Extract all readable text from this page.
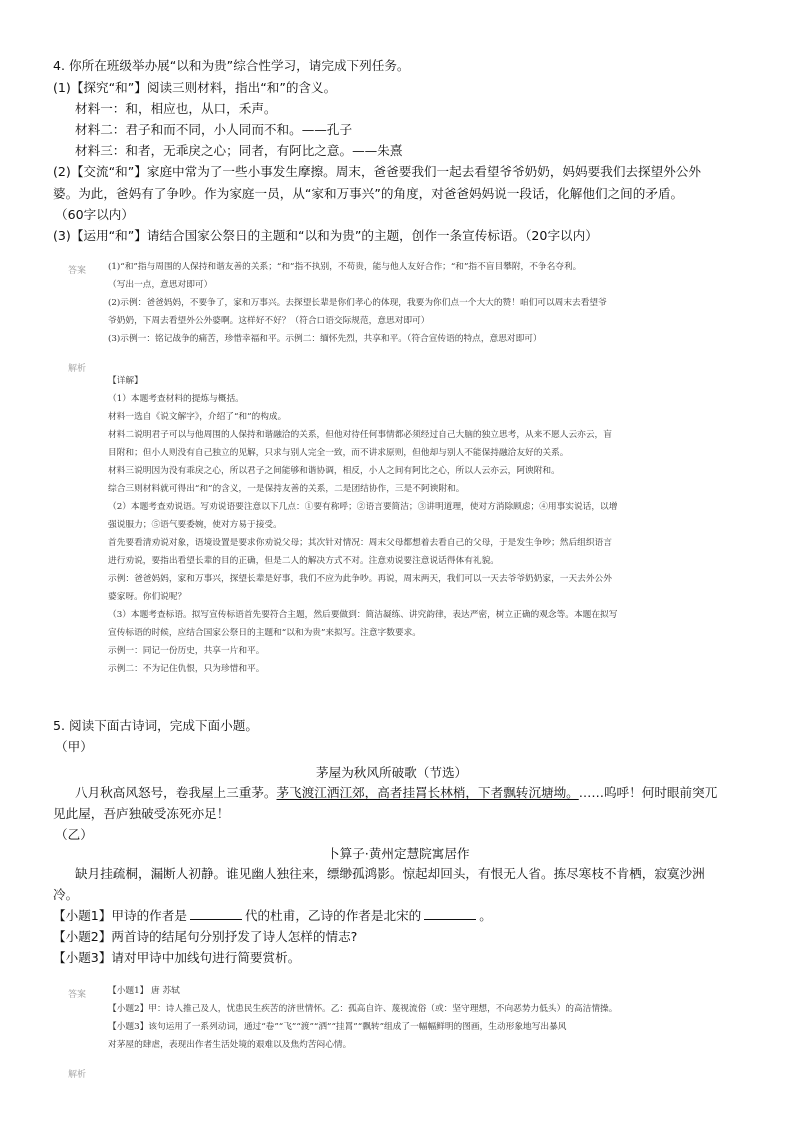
4. 你所在班级举办展“以和为贵”综合性学习，请完成下列任务。
(1)【探究“和”】阅读三则材料，指出“和”的含义。
材料一：和，相应也，从口，禾声。
材料二：君子和而不同，小人同而不和。——孔子
材料三：和者，无乖戾之心；同者，有阿比之意。——朱熹
(2)【交流“和”】家庭中常为了一些小事发生摩擦。周末，爸爸要我们一起去看望爷爷奶奶，妈妈要我们去探望外公外
婆。为此，爸妈有了争吵。作为家庭一员，从“家和万事兴”的角度，对爸爸妈妈说一段话，化解他们之间的矛盾。
（60字以内）
(3)【运用“和”】请结合国家公祭日的主题和“以和为贵”的主题，创作一条宣传标语。（20字以内）
答案	(1)“和”指与周围的人保持和谐友善的关系；“和”指不执别，不苟贵，能与他人友好合作；“和”指不盲目攀附，不争名夺利。
（写出一点，意思对即可）
(2)示例：爸爸妈妈，不要争了，家和万事兴。去探望长辈是你们孝心的体现，我要为你们点一个大大的赞！咱们可以周末去看望爷
爷奶奶，下周去看望外公外婆啊。这样好不好？（符合口语交际规范，意思对即可）
(3)示例一：铭记战争的痛苦，珍惜幸福和平。示例二：缅怀先烈，共享和平。（符合宣传语的特点，意思对即可）
解析
【详解】
（1）本题考查材料的提炼与概括。
材料一选自《说文解字》，介绍了“和”的构成。
材料二说明君子可以与他周围的人保持和谐融洽的关系，但他对待任何事情都必须经过自己大脑的独立思考，从来不愿人云亦云，盲
目附和；但小人则没有自己独立的见解，只求与别人完全一致，而不讲求原则，但他却与别人不能保持融洽友好的关系。
材料三说明因为没有乖戾之心，所以君子之间能够和谐协调，相反，小人之间有阿比之心，所以人云亦云，阿谀附和。
综合三则材料就可得出“和”的含义，一是保持友善的关系，二是团结协作，三是不阿谀附和。
（2）本题考查劝说语。写劝说语要注意以下几点：①要有称呼；②语言要简洁；③讲明道理，使对方消除顾虑；④用事实说话，以增
强说服力；⑤语气要委婉，使对方易于接受。
首先要看清劝说对象，语境设置是要求你劝说父母；其次针对情况：周末父母都想着去看自己的父母，于是发生争吵；然后组织语言
进行劝说，要指出看望长辈的目的正确，但是二人的解决方式不对。注意劝说要注意说话得体有礼貌。
示例：爸爸妈妈，家和万事兴，探望长辈是好事，我们不应为此争吵。再说，周末两天，我们可以一天去爷爷奶奶家，一天去外公外
婆家呀。你们说呢？
（3）本题考查标语。拟写宣传标语首先要符合主题，然后要做到：简洁凝练、讲究韵律，表达严密，树立正确的观念等。本题在拟写
宣传标语的时候，应结合国家公祭日的主题和“以和为贵”来拟写。注意字数要求。
示例一：同记一份历史，共享一片和平。
示例二：不为记住仇恨，只为珍惜和平。
5. 阅读下面古诗词，完成下面小题。
（甲）
茅屋为秋风所破歌（节选）
八月秋高风怒号，卷我屋上三重茅。茅飞渡江洒江郊，高者挂罥长林梢，下者飘转沉塘坳。……呜呼！何时眼前突兀
见此屋，吾庐独破受冻死亦足！
（乙）
卜算子·黄州定慧院寓居作
缺月挂疏桐，漏断人初静。谁见幽人独往来，缥缈孤鸿影。惊起却回头，有恨无人省。拣尽寒枝不肯栖，寂寞沙洲
冷。
【小题1】甲诗的作者是	代的杜甫，乙诗的作者是北宋的	。
【小题2】两首诗的结尾句分别抒发了诗人怎样的情志?
【小题3】请对甲诗中加线句进行简要赏析。
答案	【小题1】 唐 苏轼
【小题2】甲：诗人推己及人，忧患民生疾苦的济世情怀。乙：孤高自许、蔑视流俗（或：坚守理想，不向恶势力低头）的高洁情操。
【小题3】该句运用了一系列动词，通过“卷”“飞”“渡”“洒”“挂罥”“飘转”组成了一幅幅鲜明的图画，生动形象地写出暴风
对茅屋的肆虐，表现出作者生活处境的艰难以及焦灼苦闷心情。
解析
